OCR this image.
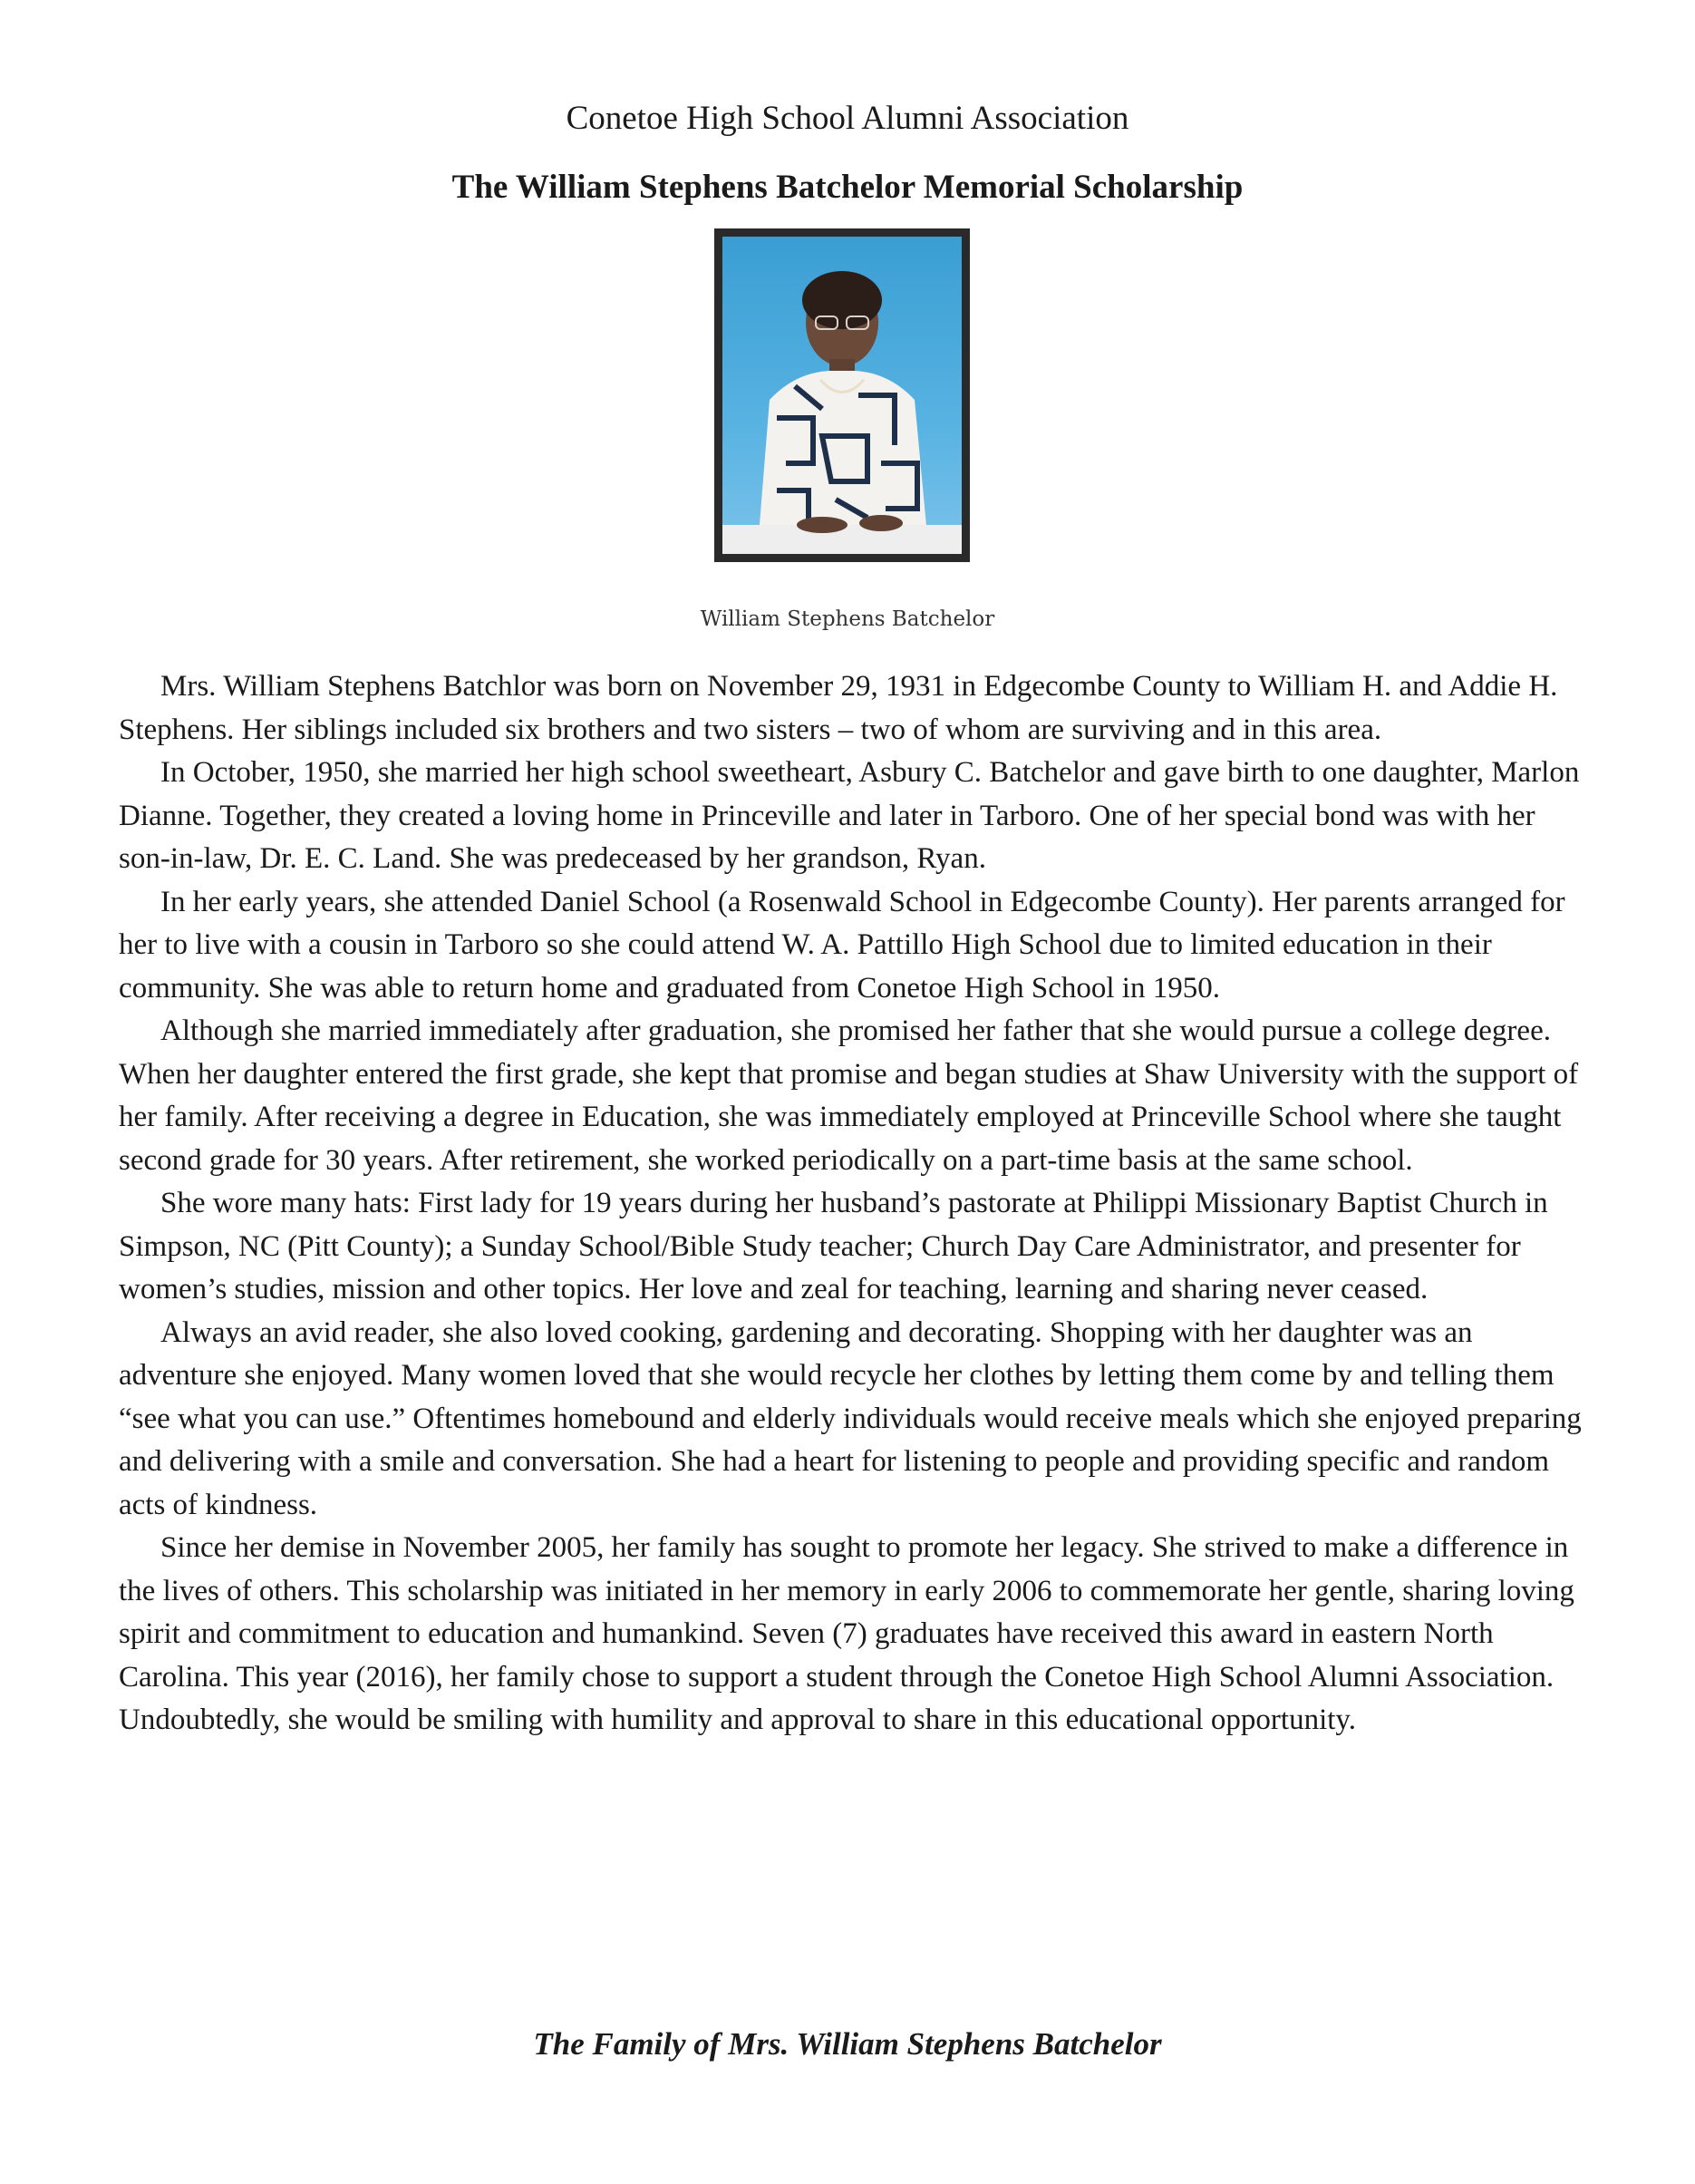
Conetoe High School Alumni Association
The William Stephens Batchelor Memorial Scholarship
William Stephens Batchelor

Mrs. William Stephens Batchlor was born on November 29, 1931 in Edgecombe County to William H. and Addie H. Stephens. Her siblings included six brothers and two sisters – two of whom are surviving and in this area.

In October, 1950, she married her high school sweetheart, Asbury C. Batchelor and gave birth to one daughter, Marlon Dianne. Together, they created a loving home in Princeville and later in Tarboro. One of her special bond was with her son-in-law, Dr. E. C. Land. She was predeceased by her grandson, Ryan.

In her early years, she attended Daniel School (a Rosenwald School in Edgecombe County). Her parents arranged for her to live with a cousin in Tarboro so she could attend W. A. Pattillo High School due to limited education in their community. She was able to return home and graduated from Conetoe High School in 1950.

Although she married immediately after graduation, she promised her father that she would pursue a college degree. When her daughter entered the first grade, she kept that promise and began studies at Shaw University with the support of her family. After receiving a degree in Education, she was immediately employed at Princeville School where she taught second grade for 30 years. After retirement, she worked periodically on a part-time basis at the same school.

She wore many hats: First lady for 19 years during her husband’s pastorate at Philippi Missionary Baptist Church in Simpson, NC (Pitt County); a Sunday School/Bible Study teacher; Church Day Care Administrator, and presenter for women’s studies, mission and other topics. Her love and zeal for teaching, learning and sharing never ceased.

Always an avid reader, she also loved cooking, gardening and decorating. Shopping with her daughter was an adventure she enjoyed. Many women loved that she would recycle her clothes by letting them come by and telling them “see what you can use.” Oftentimes homebound and elderly individuals would receive meals which she enjoyed preparing and delivering with a smile and conversation. She had a heart for listening to people and providing specific and random acts of kindness.

Since her demise in November 2005, her family has sought to promote her legacy. She strived to make a difference in the lives of others. This scholarship was initiated in her memory in early 2006 to commemorate her gentle, sharing loving spirit and commitment to education and humankind. Seven (7) graduates have received this award in eastern North Carolina. This year (2016), her family chose to support a student through the Conetoe High School Alumni Association. Undoubtedly, she would be smiling with humility and approval to share in this educational opportunity.

The Family of Mrs. William Stephens Batchelor
